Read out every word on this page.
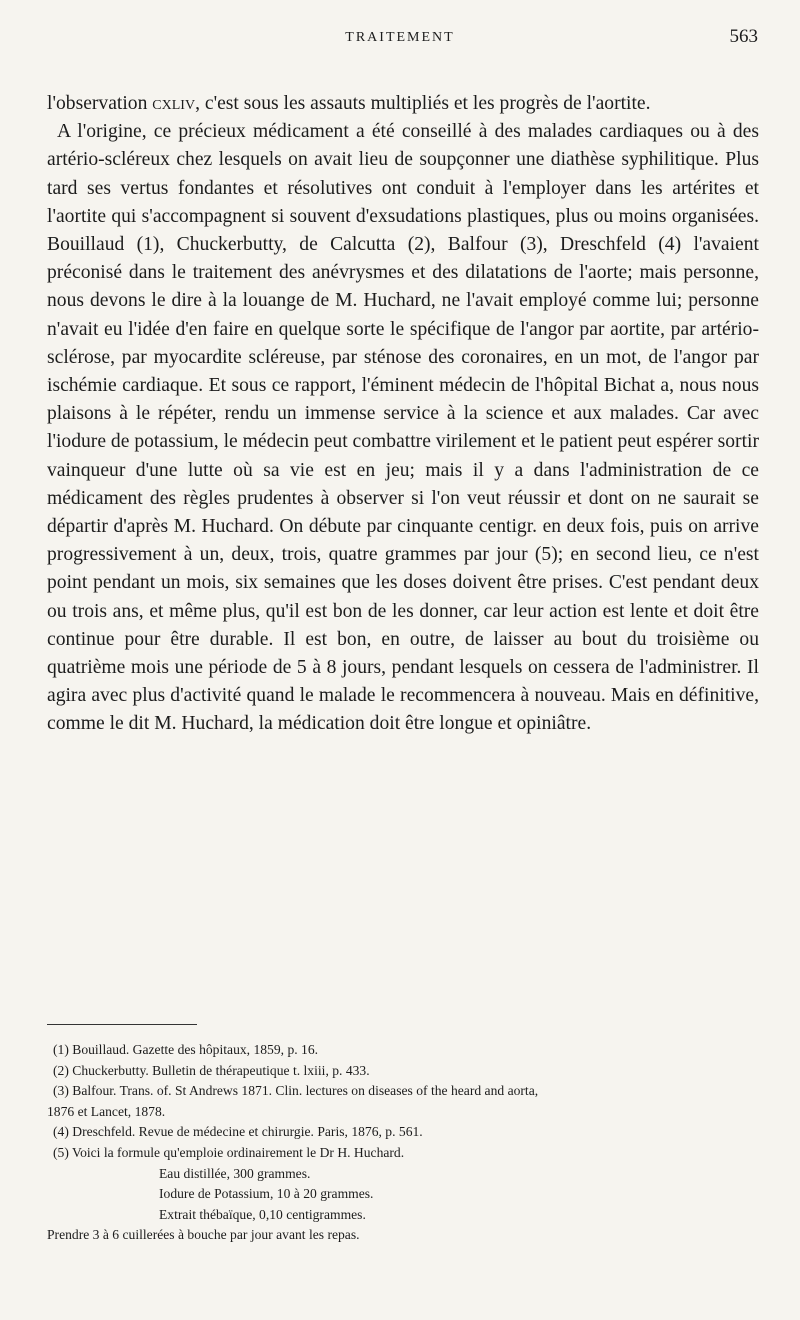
TRAITEMENT	563

l'observation cxliv, c'est sous les assauts multipliés et les progrès de l'aortite.

A l'origine, ce précieux médicament a été conseillé à des malades cardiaques ou à des artério-scléreux chez lesquels on avait lieu de soupçonner une diathèse syphilitique. Plus tard ses vertus fondantes et résolutives ont conduit à l'employer dans les artérites et l'aortite qui s'accompagnent si souvent d'exsudations plastiques, plus ou moins organisées. Bouillaud (1), Chuckerbutty, de Calcutta (2), Balfour (3), Dreschfeld (4) l'avaient préconisé dans le traitement des anévrysmes et des dilatations de l'aorte; mais personne, nous devons le dire à la louange de M. Huchard, ne l'avait employé comme lui; personne n'avait eu l'idée d'en faire en quelque sorte le spécifique de l'angor par aortite, par artério-sclérose, par myocardite scléreuse, par sténose des coronaires, en un mot, de l'angor par ischémie cardiaque. Et sous ce rapport, l'éminent médecin de l'hôpital Bichat a, nous nous plaisons à le répéter, rendu un immense service à la science et aux malades. Car avec l'iodure de potassium, le médecin peut combattre virilement et le patient peut espérer sortir vainqueur d'une lutte où sa vie est en jeu; mais il y a dans l'administration de ce médicament des règles prudentes à observer si l'on veut réussir et dont on ne saurait se départir d'après M. Huchard. On débute par cinquante centigr. en deux fois, puis on arrive progressivement à un, deux, trois, quatre grammes par jour (5); en second lieu, ce n'est point pendant un mois, six semaines que les doses doivent être prises. C'est pendant deux ou trois ans, et même plus, qu'il est bon de les donner, car leur action est lente et doit être continue pour être durable. Il est bon, en outre, de laisser au bout du troisième ou quatrième mois une période de 5 à 8 jours, pendant lesquels on cessera de l'administrer. Il agira avec plus d'activité quand le malade le recommencera à nouveau. Mais en définitive, comme le dit M. Huchard, la médication doit être longue et opiniâtre.

(1) Bouillaud. Gazette des hôpitaux, 1859, p. 16.

(2) Chuckerbutty. Bulletin de thérapeutique t. lxiii, p. 433.

(3) Balfour. Trans. of. St Andrews 1871. Clin. lectures on diseases of the heard and aorta,

1876 et Lancet, 1878.

(4) Dreschfeld. Revue de médecine et chirurgie. Paris, 1876, p. 561.

(5) Voici la formule qu'emploie ordinairement le Dr H. Huchard.

Eau distillée, 300 grammes.

Iodure de Potassium, 10 à 20 grammes.

Extrait thébaïque, 0,10 centigrammes.

Prendre 3 à 6 cuillerées à bouche par jour avant les repas.
